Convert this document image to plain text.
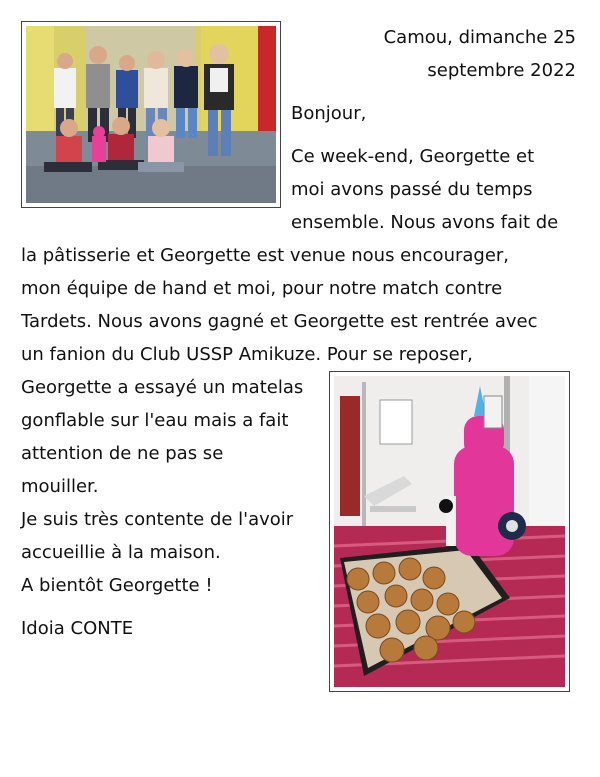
Camou, dimanche 25
septembre 2022
Bonjour,
Ce week-end, Georgette et
moi avons passé du temps
ensemble. Nous avons fait de
la pâtisserie et Georgette est venue nous encourager,
mon équipe de hand et moi, pour notre match contre
Tardets. Nous avons gagné et Georgette est rentrée avec
un fanion du Club USSP Amikuze. Pour se reposer,
Georgette a essayé un matelas
gonflable sur l'eau mais a fait
attention de ne pas se
mouiller.
Je suis très contente de l'avoir
accueillie à la maison.
A bientôt Georgette !
Idoia CONTE
